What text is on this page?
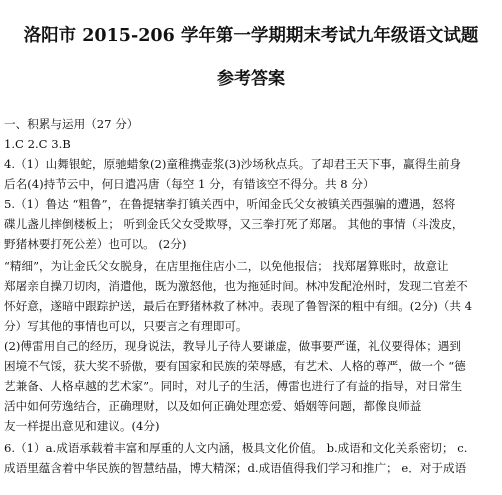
洛阳市 2015-206 学年第一学期期末考试九年级语文试题
参考答案
一、积累与运用（27 分）
1.C 2.C 3.B
4.（1）山舞银蛇，原驰蜡象(2)童稚携壶浆(3)沙场秋点兵。了却君王天下事，赢得生前身
后名(4)持节云中，何日遣冯唐（每空 1 分，有错该空不得分。共 8 分）
5.（1）鲁达 “粗鲁”，在鲁提辖拳打镇关西中，听闻金氏父女被镇关西强骗的遭遇，怒将
碟儿盏儿摔倒楼板上； 听到金氏父女受欺辱，又三拳打死了郑屠。 其他的事情（斗泼皮，
野猪林要打死公差）也可以。 (2分)
“精细”，为让金氏父女脱身，在店里拖住店小二，以免他报信； 找郑屠算账时，故意让
郑屠亲自操刀切肉，消遣他，既为激怒他，也为拖延时间。林冲发配沧州时，发现二官差不
怀好意，遂暗中跟踪护送，最后在野猪林救了林冲。表现了鲁智深的粗中有细。(2分)（共 4
分）写其他的事情也可以，只要言之有理即可。
(2)傅雷用自己的经历，现身说法，教导儿子待人要谦虚，做事要严谨，礼仪要得体；遇到
困境不气馁，获大奖不骄傲，要有国家和民族的荣辱感，有艺术、人格的尊严，做一个 “德
艺兼备、人格卓越的艺术家”。同时，对儿子的生活，傅雷也进行了有益的指导，对日常生
活中如何劳逸结合，正确理财，以及如何正确处理恋爱、婚姻等问题，都像良师益
友一样提出意见和建议。(4分)
6.（1）a.成语承载着丰富和厚重的人文内涵，极具文化价值。 b.成语和文化关系密切； c.
成语里蕴含着中华民族的智慧结晶，博大精深；d.成语值得我们学习和推广； e．对于成语
